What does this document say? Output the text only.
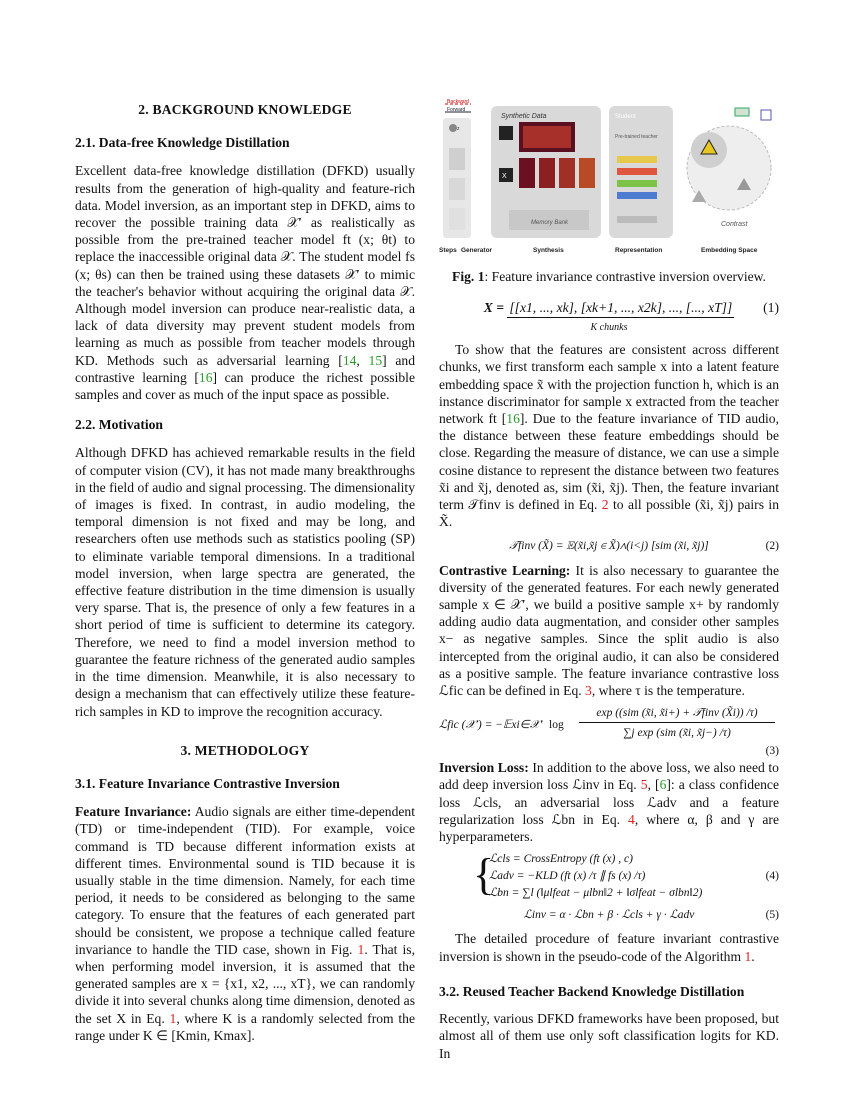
2. BACKGROUND KNOWLEDGE

2.1. Data-free Knowledge Distillation

Excellent data-free knowledge distillation (DFKD) usually results from the generation of high-quality and feature-rich data. Model inversion, as an important step in DFKD, aims to recover the possible training data 𝒳′ as realistically as possible from the pre-trained teacher model ft (x; θt) to replace the inaccessible original data 𝒳. The student model fs (x; θs) can then be trained using these datasets 𝒳′ to mimic the teacher's behavior without acquiring the original data 𝒳. Although model inversion can produce near-realistic data, a lack of data diversity may prevent student models from learning as much as possible from teacher models through KD. Methods such as adversarial learning [14, 15] and contrastive learning [16] can produce the richest possible samples and cover as much of the input space as possible.

2.2. Motivation

Although DFKD has achieved remarkable results in the field of computer vision (CV), it has not made many breakthroughs in the field of audio and signal processing. The dimensionality of images is fixed. In contrast, in audio modeling, the temporal dimension is not fixed and may be long, and researchers often use methods such as statistics pooling (SP) to eliminate variable temporal dimensions. In a traditional model inversion, when large spectra are generated, the effective feature distribution in the time dimension is usually very sparse. That is, the presence of only a few features in a short period of time is sufficient to determine its category. Therefore, we need to find a model inversion method to guarantee the feature richness of the generated audio samples in the time dimension. Meanwhile, it is also necessary to design a mechanism that can effectively utilize these feature-rich samples in KD to improve the recognition accuracy.

3. METHODOLOGY

3.1. Feature Invariance Contrastive Inversion

Feature Invariance: Audio signals are either time-dependent (TD) or time-independent (TID). For example, voice command is TD because different information exists at different times. Environmental sound is TID because it is usually stable in the time dimension. Namely, for each time period, it needs to be considered as belonging to the same category. To ensure that the features of each generated part should be consistent, we propose a technique called feature invariance to handle the TID case, shown in Fig. 1. That is, when performing model inversion, it is assumed that the generated samples are x = {x1, x2, ..., xT}, we can randomly divide it into several chunks along time dimension, denoted as the set X in Eq. 1, where K is a randomly selected from the range under K ∈ [Kmin, Kmax].

Backward
Forward
z
Synthetic Data
X
Memory Bank
Student
Pre-trained teacher
Contrast
Steps Generator	Synthesis	Representation	Embedding Space

Fig. 1: Feature invariance contrastive inversion overview.

X = [[x1, ..., xk], [xk+1, ..., x2k], ..., [..., xT]]
K chunks
(1)

To show that the features are consistent across different chunks, we first transform each sample x into a latent feature embedding space x̃ with the projection function h, which is an instance discriminator for sample x extracted from the teacher network ft [16]. Due to the feature invariance of TID audio, the distance between these feature embeddings should be close. Regarding the measure of distance, we can use a simple cosine distance to represent the distance between two features x̃i and x̃j, denoted as, sim (x̃i, x̃j). Then, the feature invariant term 𝒯finv is defined in Eq. 2 to all possible (x̃i, x̃j) pairs in X̃.

𝒯finv (X̃) = 𝔼(x̃i,x̃j ∈ X̃)∧(i<j) [sim (x̃i, x̃j)]	(2)

Contrastive Learning: It is also necessary to guarantee the diversity of the generated features. For each newly generated sample x ∈ 𝒳′, we build a positive sample x+ by randomly adding audio data augmentation, and consider other samples x− as negative samples. Since the split audio is also intercepted from the original audio, it can also be considered as a positive sample. The feature invariance contrastive loss ℒfic can be defined in Eq. 3, where τ is the temperature.

ℒfic (𝒳′) = −𝔼xi∈𝒳′ log
exp ((sim (x̃i, x̃i+) + 𝒯finv (X̃i)) /τ)
∑j exp (sim (x̃i, x̃j−) /τ)
(3)

Inversion Loss: In addition to the above loss, we also need to add deep inversion loss ℒinv in Eq. 5, [6]: a class confidence loss ℒcls, an adversarial loss ℒadv and a feature regularization loss ℒbn in Eq. 4, where α, β and γ are hyperparameters.

{
ℒcls = CrossEntropy (ft (x) , c)
ℒadv = −KLD (ft (x) /τ ∥ fs (x) /τ)
ℒbn = ∑l (‖μlfeat − μlbn‖2 + ‖σlfeat − σlbn‖2)
(4)
ℒinv = α · ℒbn + β · ℒcls + γ · ℒadv	(5)

The detailed procedure of feature invariant contrastive inversion is shown in the pseudo-code of the Algorithm 1.

3.2. Reused Teacher Backend Knowledge Distillation

Recently, various DFKD frameworks have been proposed, but almost all of them use only soft classification logits for KD. In
